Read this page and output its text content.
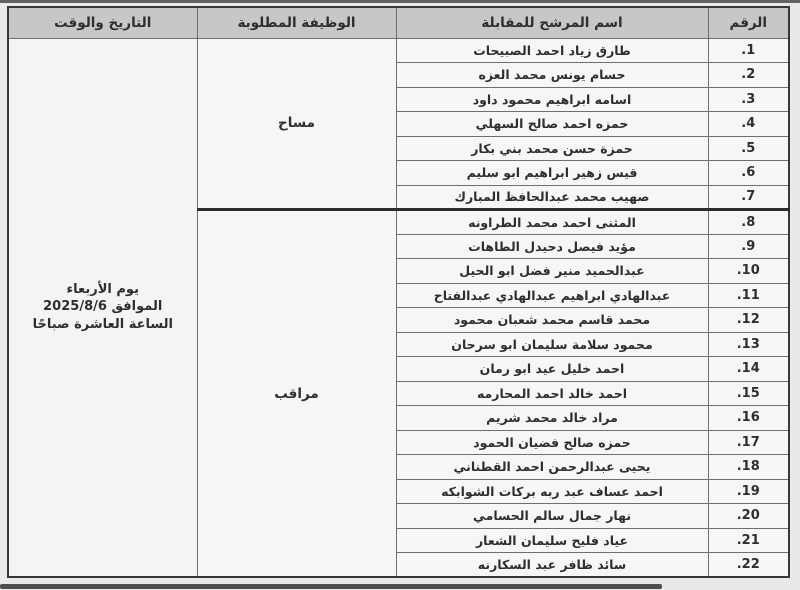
الرقم	اسم المرشح للمقابلة	الوظيفة المطلوبة	التاريخ والوقت
.1	طارق زياد احمد الصبيحات	مساح	يوم الأربعاء
الموافق 2025/8/6
الساعة العاشرة صباحًا

.2	حسام يونس محمد العزه		
.3	اسامه ابراهيم محمود داود		
.4	حمزه احمد صالح السهلي		
.5	حمزة حسن محمد بني بكار		
.6	قيس زهير ابراهيم ابو سليم		
.7	صهيب محمد عبدالحافظ المبارك		
.8	المثنى احمد محمد الطراونه	مراقب	
.9	مؤيد فيصل دحيدل الطاهات		
.10	عبدالحميد منير فضل ابو الحيل		
.11	عبدالهادي ابراهيم عبدالهادي عبدالفتاح		
.12	محمد قاسم محمد شعبان محمود		
.13	محمود سلامة سليمان ابو سرحان		
.14	احمد خليل عيد ابو رمان		
.15	احمد خالد احمد المحارمه		
.16	مراد خالد محمد شريم		
.17	حمزه صالح فضيان الحمود		
.18	يحيى عبدالرحمن احمد القطناني		
.19	احمد عساف عبد ربه بركات الشوابكه		
.20	نهار جمال سالم الحسامي		
.21	عياد فليح سليمان الشعار		
.22	سائد ظافر عبد السكارنه		
